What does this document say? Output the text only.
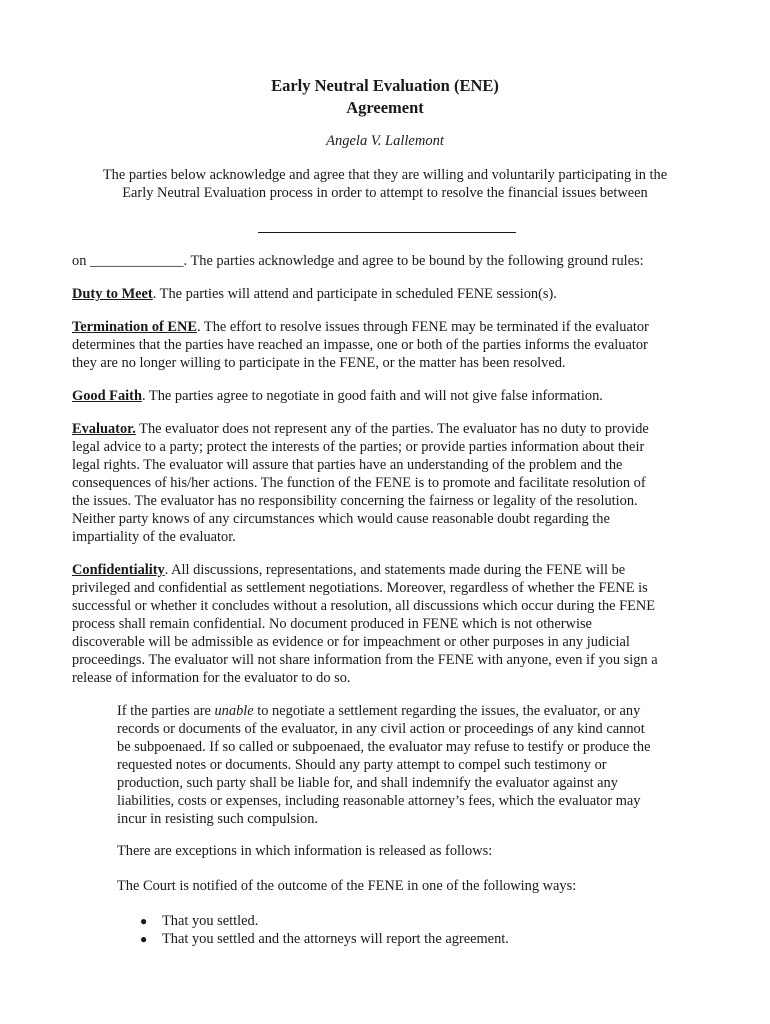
Early Neutral Evaluation (ENE)
Agreement
Angela V. Lallemont
The parties below acknowledge and agree that they are willing and voluntarily participating in the
Early Neutral Evaluation process in order to attempt to resolve the financial issues between
on _____________. The parties acknowledge and agree to be bound by the following ground rules:
Duty to Meet. The parties will attend and participate in scheduled FENE session(s).
Termination of ENE. The effort to resolve issues through FENE may be terminated if the evaluator
determines that the parties have reached an impasse, one or both of the parties informs the evaluator
they are no longer willing to participate in the FENE, or the matter has been resolved.
Good Faith. The parties agree to negotiate in good faith and will not give false information.
Evaluator. The evaluator does not represent any of the parties. The evaluator has no duty to provide
legal advice to a party; protect the interests of the parties; or provide parties information about their
legal rights. The evaluator will assure that parties have an understanding of the problem and the
consequences of his/her actions. The function of the FENE is to promote and facilitate resolution of
the issues. The evaluator has no responsibility concerning the fairness or legality of the resolution.
Neither party knows of any circumstances which would cause reasonable doubt regarding the
impartiality of the evaluator.
Confidentiality. All discussions, representations, and statements made during the FENE will be
privileged and confidential as settlement negotiations. Moreover, regardless of whether the FENE is
successful or whether it concludes without a resolution, all discussions which occur during the FENE
process shall remain confidential. No document produced in FENE which is not otherwise
discoverable will be admissible as evidence or for impeachment or other purposes in any judicial
proceedings. The evaluator will not share information from the FENE with anyone, even if you sign a
release of information for the evaluator to do so.
If the parties are unable to negotiate a settlement regarding the issues, the evaluator, or any
records or documents of the evaluator, in any civil action or proceedings of any kind cannot
be subpoenaed. If so called or subpoenaed, the evaluator may refuse to testify or produce the
requested notes or documents. Should any party attempt to compel such testimony or
production, such party shall be liable for, and shall indemnify the evaluator against any
liabilities, costs or expenses, including reasonable attorney’s fees, which the evaluator may
incur in resisting such compulsion.
There are exceptions in which information is released as follows:
The Court is notified of the outcome of the FENE in one of the following ways:
● That you settled.
● That you settled and the attorneys will report the agreement.
